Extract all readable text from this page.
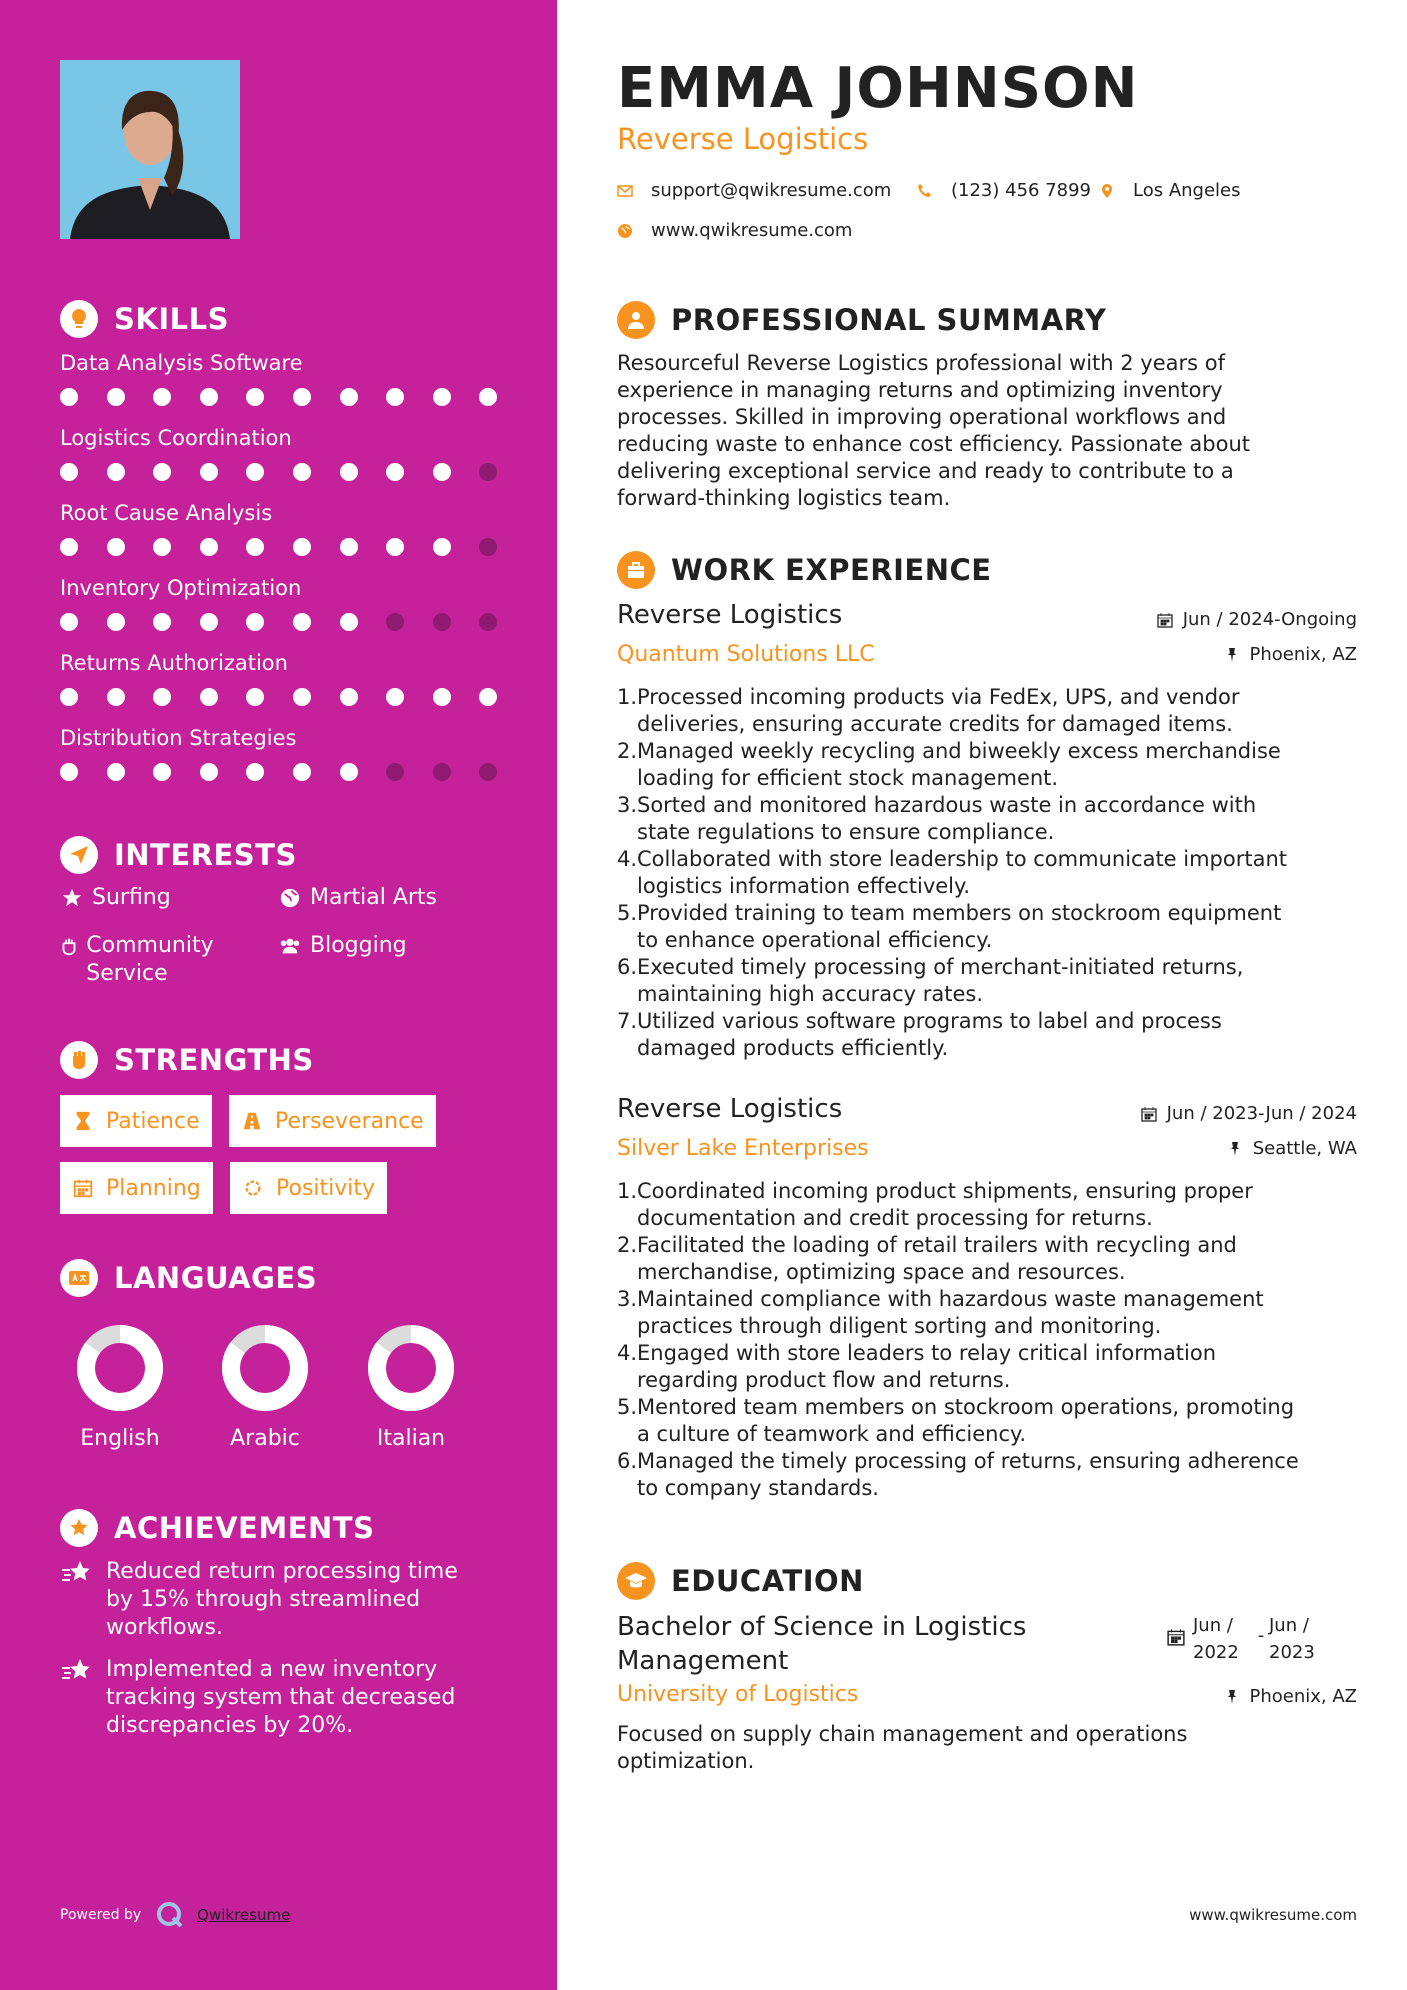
SKILLS
Data Analysis Software
Logistics Coordination
Root Cause Analysis
Inventory Optimization
Returns Authorization
Distribution Strategies
INTERESTS
Surfing	Martial Arts
Community Service
Blogging
STRENGTHS
Patience	Perseverance
Planning	Positivity
LANGUAGES
English	Arabic	Italian
ACHIEVEMENTS
Reduced return processing time by 15% through streamlined workflows.
Implemented a new inventory tracking system that decreased discrepancies by 20%.
Powered by	Qwikresume
EMMA JOHNSON
Reverse Logistics
support@qwikresume.com	(123) 456 7899 Los Angeles
www.qwikresume.com
PROFESSIONAL SUMMARY
Resourceful Reverse Logistics professional with 2 years of
experience in managing returns and optimizing inventory
processes. Skilled in improving operational workflows and
reducing waste to enhance cost efficiency. Passionate about
delivering exceptional service and ready to contribute to a
forward-thinking logistics team.
WORK EXPERIENCE
Reverse Logistics	Jun / 2024-Ongoing
Quantum Solutions LLC	Phoenix, AZ
1. Processed incoming products via FedEx, UPS, and vendor
deliveries, ensuring accurate credits for damaged items.
2. Managed weekly recycling and biweekly excess merchandise
loading for efficient stock management.
3. Sorted and monitored hazardous waste in accordance with
state regulations to ensure compliance.
4. Collaborated with store leadership to communicate important
logistics information effectively.
5. Provided training to team members on stockroom equipment
to enhance operational efficiency.
6. Executed timely processing of merchant-initiated returns,
maintaining high accuracy rates.
7. Utilized various software programs to label and process
damaged products efficiently.
Reverse Logistics	Jun / 2023-Jun / 2024
Silver Lake Enterprises	Seattle, WA
1. Coordinated incoming product shipments, ensuring proper
documentation and credit processing for returns.
2. Facilitated the loading of retail trailers with recycling and
merchandise, optimizing space and resources.
3. Maintained compliance with hazardous waste management
practices through diligent sorting and monitoring.
4. Engaged with store leaders to relay critical information
regarding product flow and returns.
5. Mentored team members on stockroom operations, promoting
a culture of teamwork and efficiency.
6. Managed the timely processing of returns, ensuring adherence
to company standards.
EDUCATION
Bachelor of Science in Logistics
Management
Jun /
2022
- Jun /
2023
University of Logistics	Phoenix, AZ
Focused on supply chain management and operations
optimization.
www.qwikresume.com
